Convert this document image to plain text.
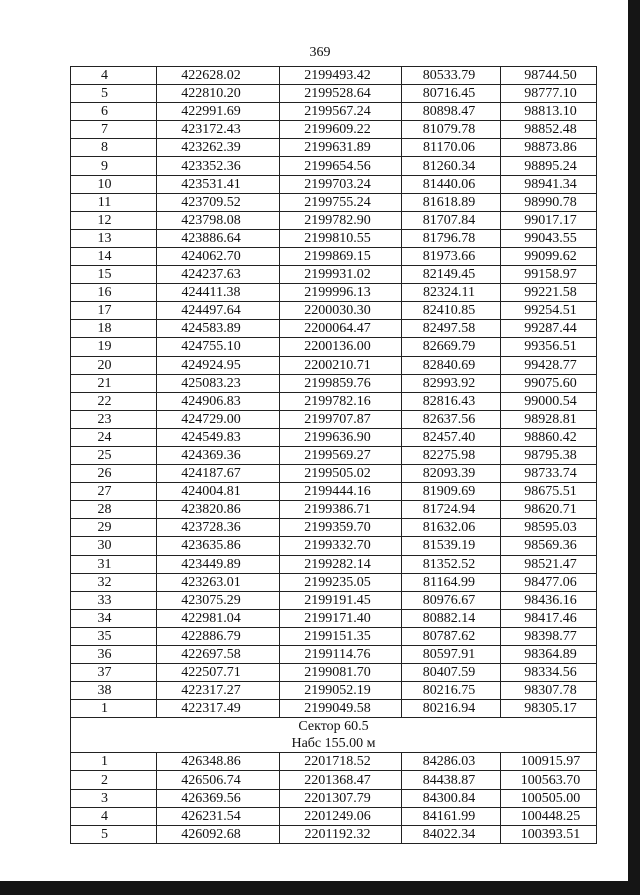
369
4	422628.02	2199493.42	80533.79	98744.50
5	422810.20	2199528.64	80716.45	98777.10
6	422991.69	2199567.24	80898.47	98813.10
7	423172.43	2199609.22	81079.78	98852.48
8	423262.39	2199631.89	81170.06	98873.86
9	423352.36	2199654.56	81260.34	98895.24
10	423531.41	2199703.24	81440.06	98941.34
11	423709.52	2199755.24	81618.89	98990.78
12	423798.08	2199782.90	81707.84	99017.17
13	423886.64	2199810.55	81796.78	99043.55
14	424062.70	2199869.15	81973.66	99099.62
15	424237.63	2199931.02	82149.45	99158.97
16	424411.38	2199996.13	82324.11	99221.58
17	424497.64	2200030.30	82410.85	99254.51
18	424583.89	2200064.47	82497.58	99287.44
19	424755.10	2200136.00	82669.79	99356.51
20	424924.95	2200210.71	82840.69	99428.77
21	425083.23	2199859.76	82993.92	99075.60
22	424906.83	2199782.16	82816.43	99000.54
23	424729.00	2199707.87	82637.56	98928.81
24	424549.83	2199636.90	82457.40	98860.42
25	424369.36	2199569.27	82275.98	98795.38
26	424187.67	2199505.02	82093.39	98733.74
27	424004.81	2199444.16	81909.69	98675.51
28	423820.86	2199386.71	81724.94	98620.71
29	423728.36	2199359.70	81632.06	98595.03
30	423635.86	2199332.70	81539.19	98569.36
31	423449.89	2199282.14	81352.52	98521.47
32	423263.01	2199235.05	81164.99	98477.06
33	423075.29	2199191.45	80976.67	98436.16
34	422981.04	2199171.40	80882.14	98417.46
35	422886.79	2199151.35	80787.62	98398.77
36	422697.58	2199114.76	80597.91	98364.89
37	422507.71	2199081.70	80407.59	98334.56
38	422317.27	2199052.19	80216.75	98307.78
1	422317.49	2199049.58	80216.94	98305.17
Сектор 60.5				
Набс 155.00 м				
1	426348.86	2201718.52	84286.03	100915.97
2	426506.74	2201368.47	84438.87	100563.70
3	426369.56	2201307.79	84300.84	100505.00
4	426231.54	2201249.06	84161.99	100448.25
5	426092.68	2201192.32	84022.34	100393.51
